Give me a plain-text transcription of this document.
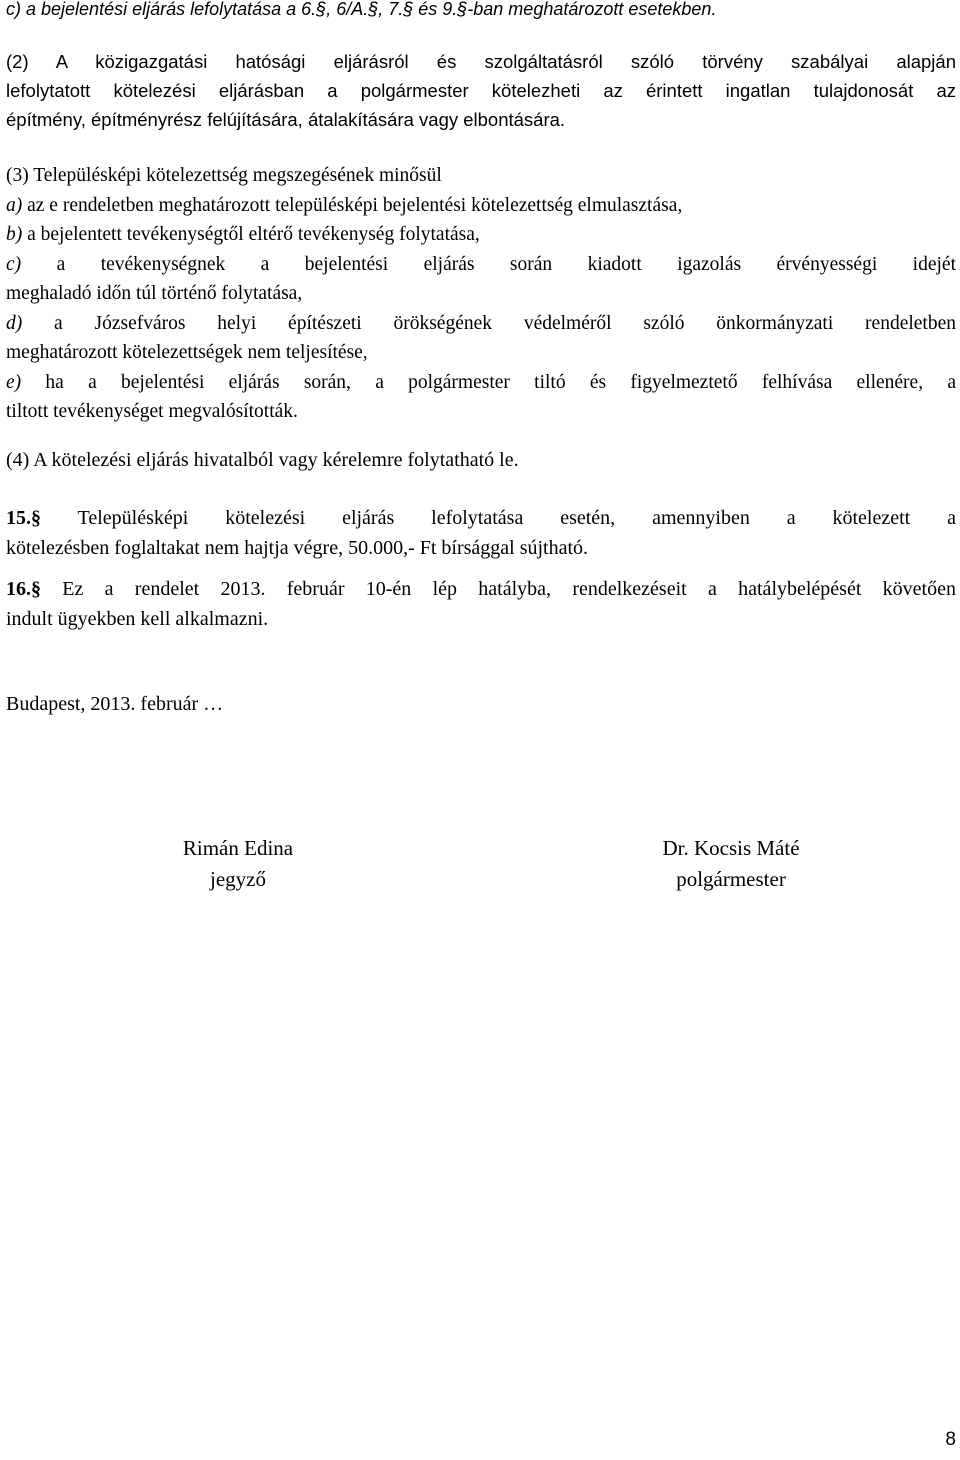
c) a bejelentési eljárás lefolytatása a 6.§, 6/A.§, 7.§ és 9.§-ban meghatározott esetekben.

(2) A közigazgatási hatósági eljárásról és szolgáltatásról szóló törvény szabályai alapján
lefolytatott kötelezési eljárásban a polgármester kötelezheti az érintett ingatlan tulajdonosát az
építmény, építményrész felújítására, átalakítására vagy elbontására.
(3) Településképi kötelezettség megszegésének minősül
a) az e rendeletben meghatározott településképi bejelentési kötelezettség elmulasztása,
b) a bejelentett tevékenységtől eltérő tevékenység folytatása,
c) a tevékenységnek a bejelentési eljárás során kiadott igazolás érvényességi idejét
meghaladó időn túl történő folytatása,
d) a Józsefváros helyi építészeti örökségének védelméről szóló önkormányzati rendeletben
meghatározott kötelezettségek nem teljesítése,
e) ha a bejelentési eljárás során, a polgármester tiltó és figyelmeztető felhívása ellenére, a
tiltott tevékenységet megvalósították.

(4) A kötelezési eljárás hivatalból vagy kérelemre folytatható le.

15.§ Településképi kötelezési eljárás lefolytatása esetén, amennyiben a kötelezett a
kötelezésben foglaltakat nem hajtja végre, 50.000,- Ft bírsággal sújtható.
16.§ Ez a rendelet 2013. február 10-én lép hatályba, rendelkezéseit a hatálybelépését követően
indult ügyekben kell alkalmazni.

Budapest, 2013. február …

Rimán Edina
jegyző
Dr. Kocsis Máté
polgármester
8
